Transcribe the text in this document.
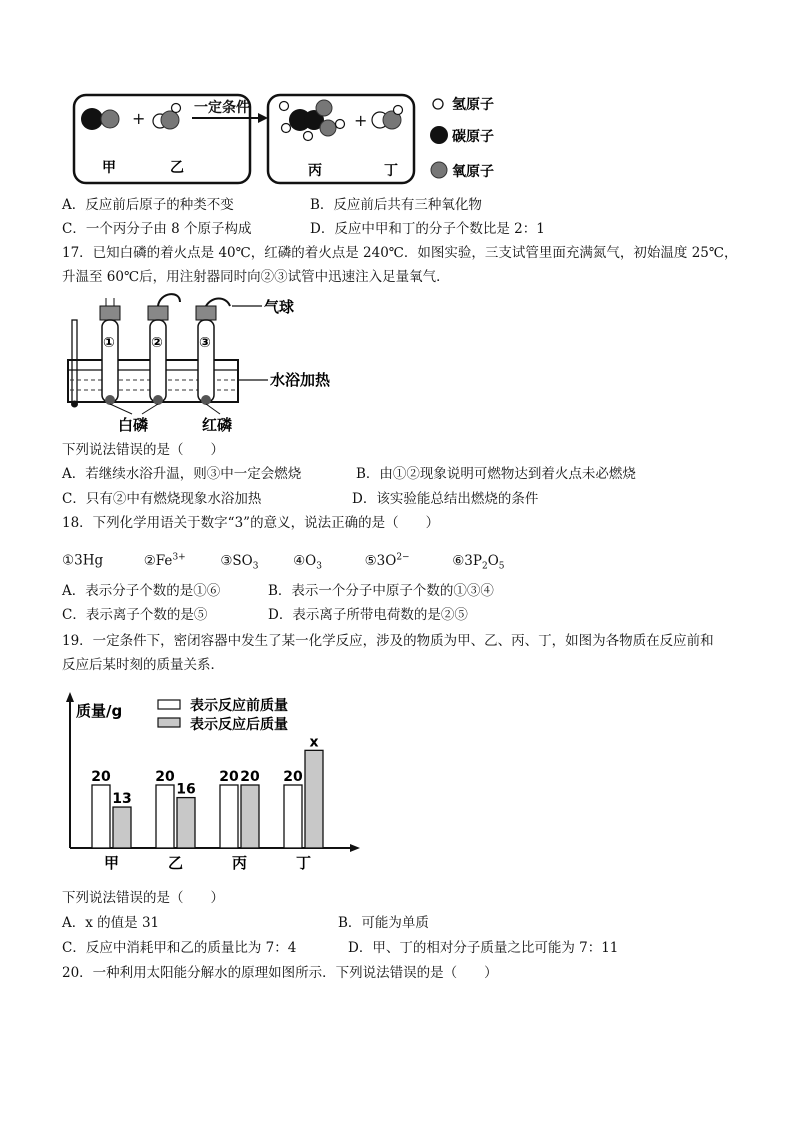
+
一定条件
+
甲	乙	丙	丁
氢原子
碳原子
氧原子
A．反应前后原子的种类不变	B．反应前后共有三种氧化物
C．一个丙分子由 8 个原子构成	D．反应中甲和丁的分子个数比是 2：1
17．已知白磷的着火点是 40℃，红磷的着火点是 240℃．如图实验，三支试管里面充满氮气，初始温度 25℃，
升温至 60℃后，用注射器同时向②③试管中迅速注入足量氧气．
①	②	③
气球
水浴加热
白磷	红磷
下列说法错误的是（　　）
A．若继续水浴升温，则③中一定会燃烧	B．由①②现象说明可燃物达到着火点未必燃烧
C．只有②中有燃烧现象水浴加热	D．该实验能总结出燃烧的条件
18．下列化学用语关于数字“3”的意义，说法正确的是（　　）
①3Hg	$②Fe^{3+}$	$③SO_3$	$④O_3$	$⑤3O^{2-}$	$⑥3P_2O_5$
A．表示分子个数的是①⑥	B．表示一个分子中原子个数的①③④
C．表示离子个数的是⑤	D．表示离子所带电荷数的是②⑤
19．一定条件下，密闭容器中发生了某一化学反应，涉及的物质为甲、乙、丙、丁，如图为各物质在反应前和
反应后某时刻的质量关系．
质量/g	表示反应前质量
表示反应后质量
20
13
甲
20
16
乙
20 20
丙
20
x
丁
下列说法错误的是（　　）
A．x 的值是 31	B．可能为单质
C．反应中消耗甲和乙的质量比为 7：4	D．甲、丁的相对分子质量之比可能为 7：11
20．一种利用太阳能分解水的原理如图所示．下列说法错误的是（　　）
